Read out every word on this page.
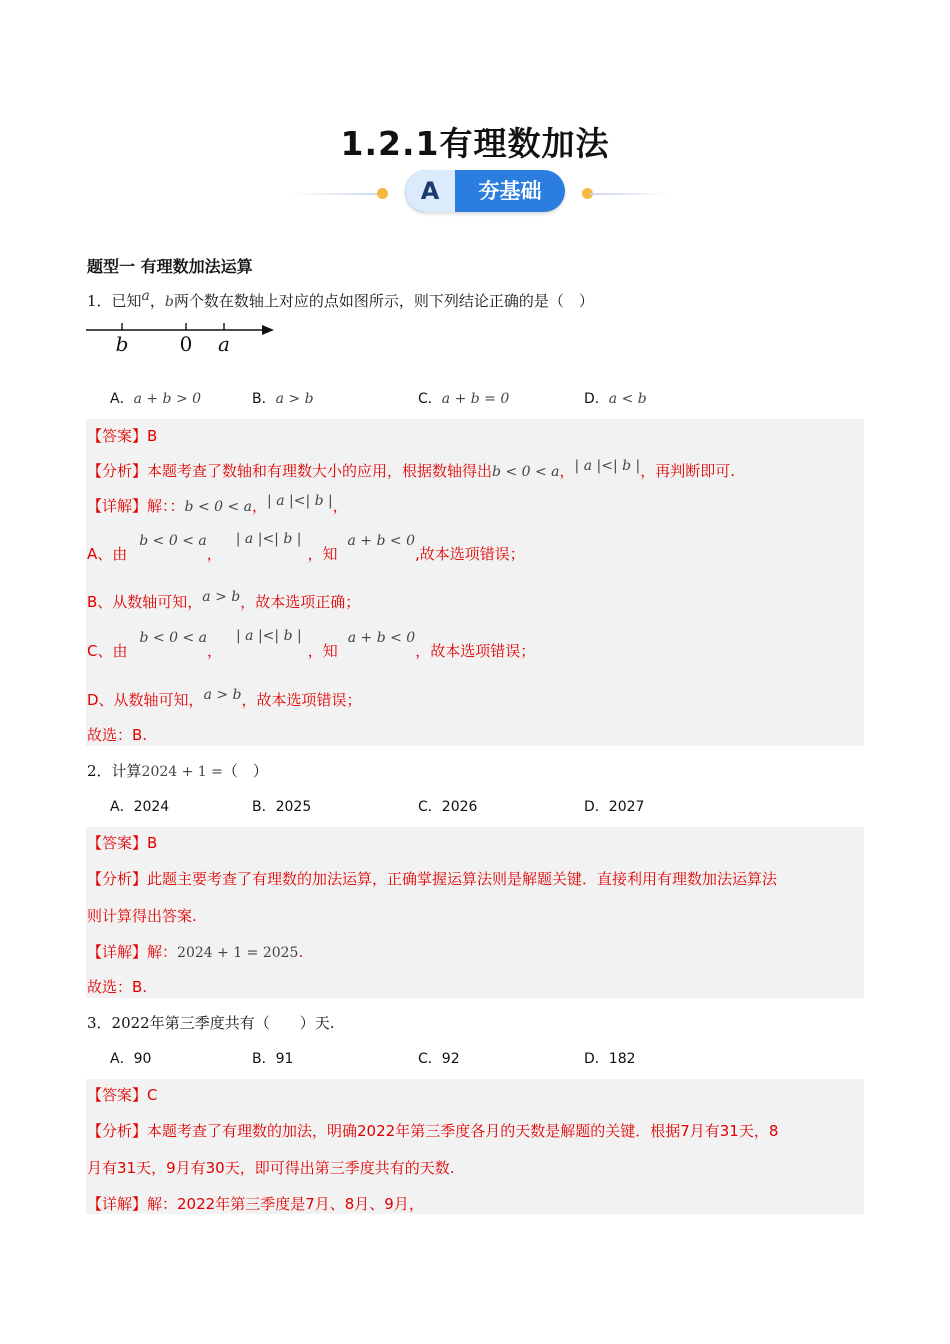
1.2.1有理数加法
A	夯基础
题型一 有理数加法运算
1．已知a，b两个数在数轴上对应的点如图所示，则下列结论正确的是（　）
b	0 a
A．a + b > 0	B．a > b	C．a + b = 0	D．a < b
【答案】B
【分析】本题考查了数轴和有理数大小的应用，根据数轴得出b < 0 < a，| a |<| b |，再判断即可.
【详解】解：：b < 0 < a，| a |<| b |，
A、由b < 0 < a，| a |<| b |，知a + b < 0,故本选项错误；
B、从数轴可知，a > b，故本选项正确；
C、由b < 0 < a，| a |<| b |，知a + b < 0，故本选项错误；
D、从数轴可知，a > b，故本选项错误；
故选：B.
2．计算2024 + 1 =（　）
A．2024	B．2025	C．2026	D．2027
【答案】B
【分析】此题主要考查了有理数的加法运算，正确掌握运算法则是解题关键．直接利用有理数加法运算法
则计算得出答案.
【详解】解：2024 + 1 = 2025.
故选：B.
3．2022年第三季度共有（　　）天.
A．90	B．91	C．92	D．182
【答案】C
【分析】本题考查了有理数的加法，明确2022年第三季度各月的天数是解题的关键．根据7月有31天，8
月有31天，9月有30天，即可得出第三季度共有的天数.
【详解】解：2022年第三季度是7月、8月、9月，
